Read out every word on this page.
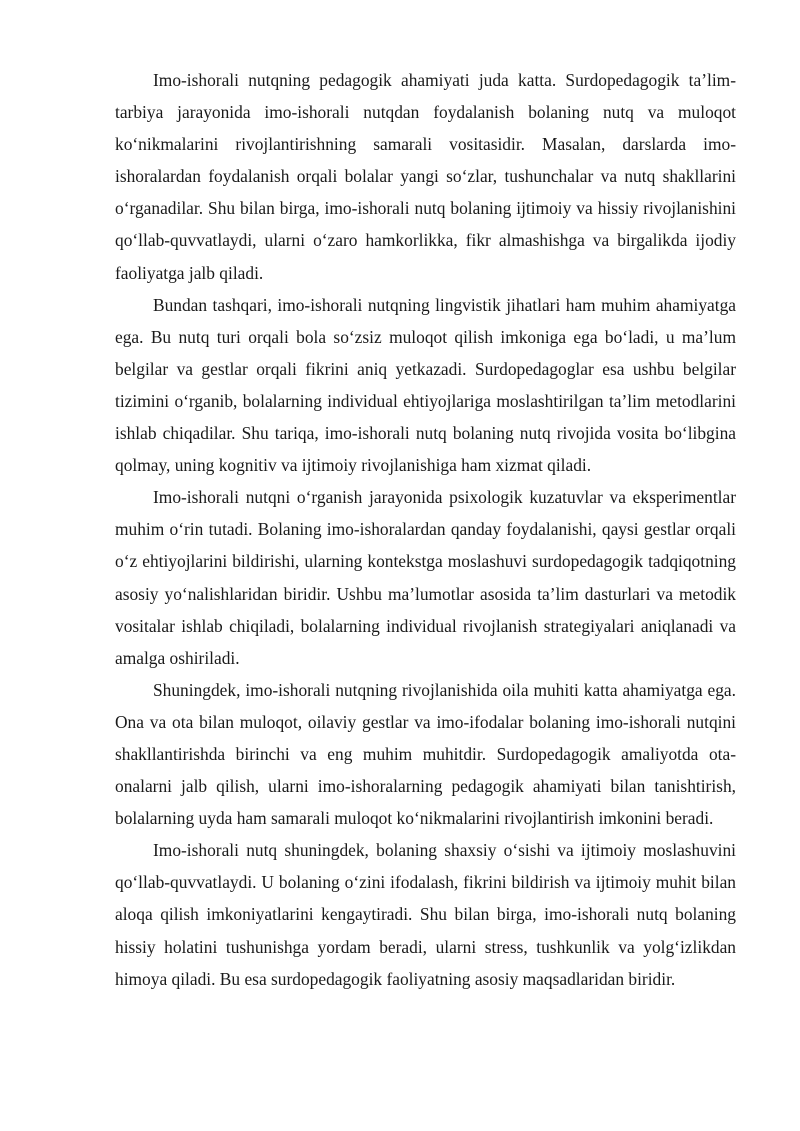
Imo-ishorali nutqning pedagogik ahamiyati juda katta. Surdopedagogik ta’lim-tarbiya jarayonida imo-ishorali nutqdan foydalanish bolaning nutq va muloqot ko‘nikmalarini rivojlantirishning samarali vositasidir. Masalan, darslarda imo-ishoralardan foydalanish orqali bolalar yangi so‘zlar, tushunchalar va nutq shakllarini o‘rganadilar. Shu bilan birga, imo-ishorali nutq bolaning ijtimoiy va hissiy rivojlanishini qo‘llab-quvvatlaydi, ularni o‘zaro hamkorlikka, fikr almashishga va birgalikda ijodiy faoliyatga jalb qiladi.

Bundan tashqari, imo-ishorali nutqning lingvistik jihatlari ham muhim ahamiyatga ega. Bu nutq turi orqali bola so‘zsiz muloqot qilish imkoniga ega bo‘ladi, u ma’lum belgilar va gestlar orqali fikrini aniq yetkazadi. Surdopedagoglar esa ushbu belgilar tizimini o‘rganib, bolalarning individual ehtiyojlariga moslashtirilgan ta’lim metodlarini ishlab chiqadilar. Shu tariqa, imo-ishorali nutq bolaning nutq rivojida vosita bo‘libgina qolmay, uning kognitiv va ijtimoiy rivojlanishiga ham xizmat qiladi.

Imo-ishorali nutqni o‘rganish jarayonida psixologik kuzatuvlar va eksperimentlar muhim o‘rin tutadi. Bolaning imo-ishoralardan qanday foydalanishi, qaysi gestlar orqali o‘z ehtiyojlarini bildirishi, ularning kontekstga moslashuvi surdopedagogik tadqiqotning asosiy yo‘nalishlaridan biridir. Ushbu ma’lumotlar asosida ta’lim dasturlari va metodik vositalar ishlab chiqiladi, bolalarning individual rivojlanish strategiyalari aniqlanadi va amalga oshiriladi.

Shuningdek, imo-ishorali nutqning rivojlanishida oila muhiti katta ahamiyatga ega. Ona va ota bilan muloqot, oilaviy gestlar va imo-ifodalar bolaning imo-ishorali nutqini shakllantirishda birinchi va eng muhim muhitdir. Surdopedagogik amaliyotda ota-onalarni jalb qilish, ularni imo-ishoralarning pedagogik ahamiyati bilan tanishtirish, bolalarning uyda ham samarali muloqot ko‘nikmalarini rivojlantirish imkonini beradi.

Imo-ishorali nutq shuningdek, bolaning shaxsiy o‘sishi va ijtimoiy moslashuvini qo‘llab-quvvatlaydi. U bolaning o‘zini ifodalash, fikrini bildirish va ijtimoiy muhit bilan aloqa qilish imkoniyatlarini kengaytiradi. Shu bilan birga, imo-ishorali nutq bolaning hissiy holatini tushunishga yordam beradi, ularni stress, tushkunlik va yolg‘izlikdan himoya qiladi. Bu esa surdopedagogik faoliyatning asosiy maqsadlaridan biridir.
